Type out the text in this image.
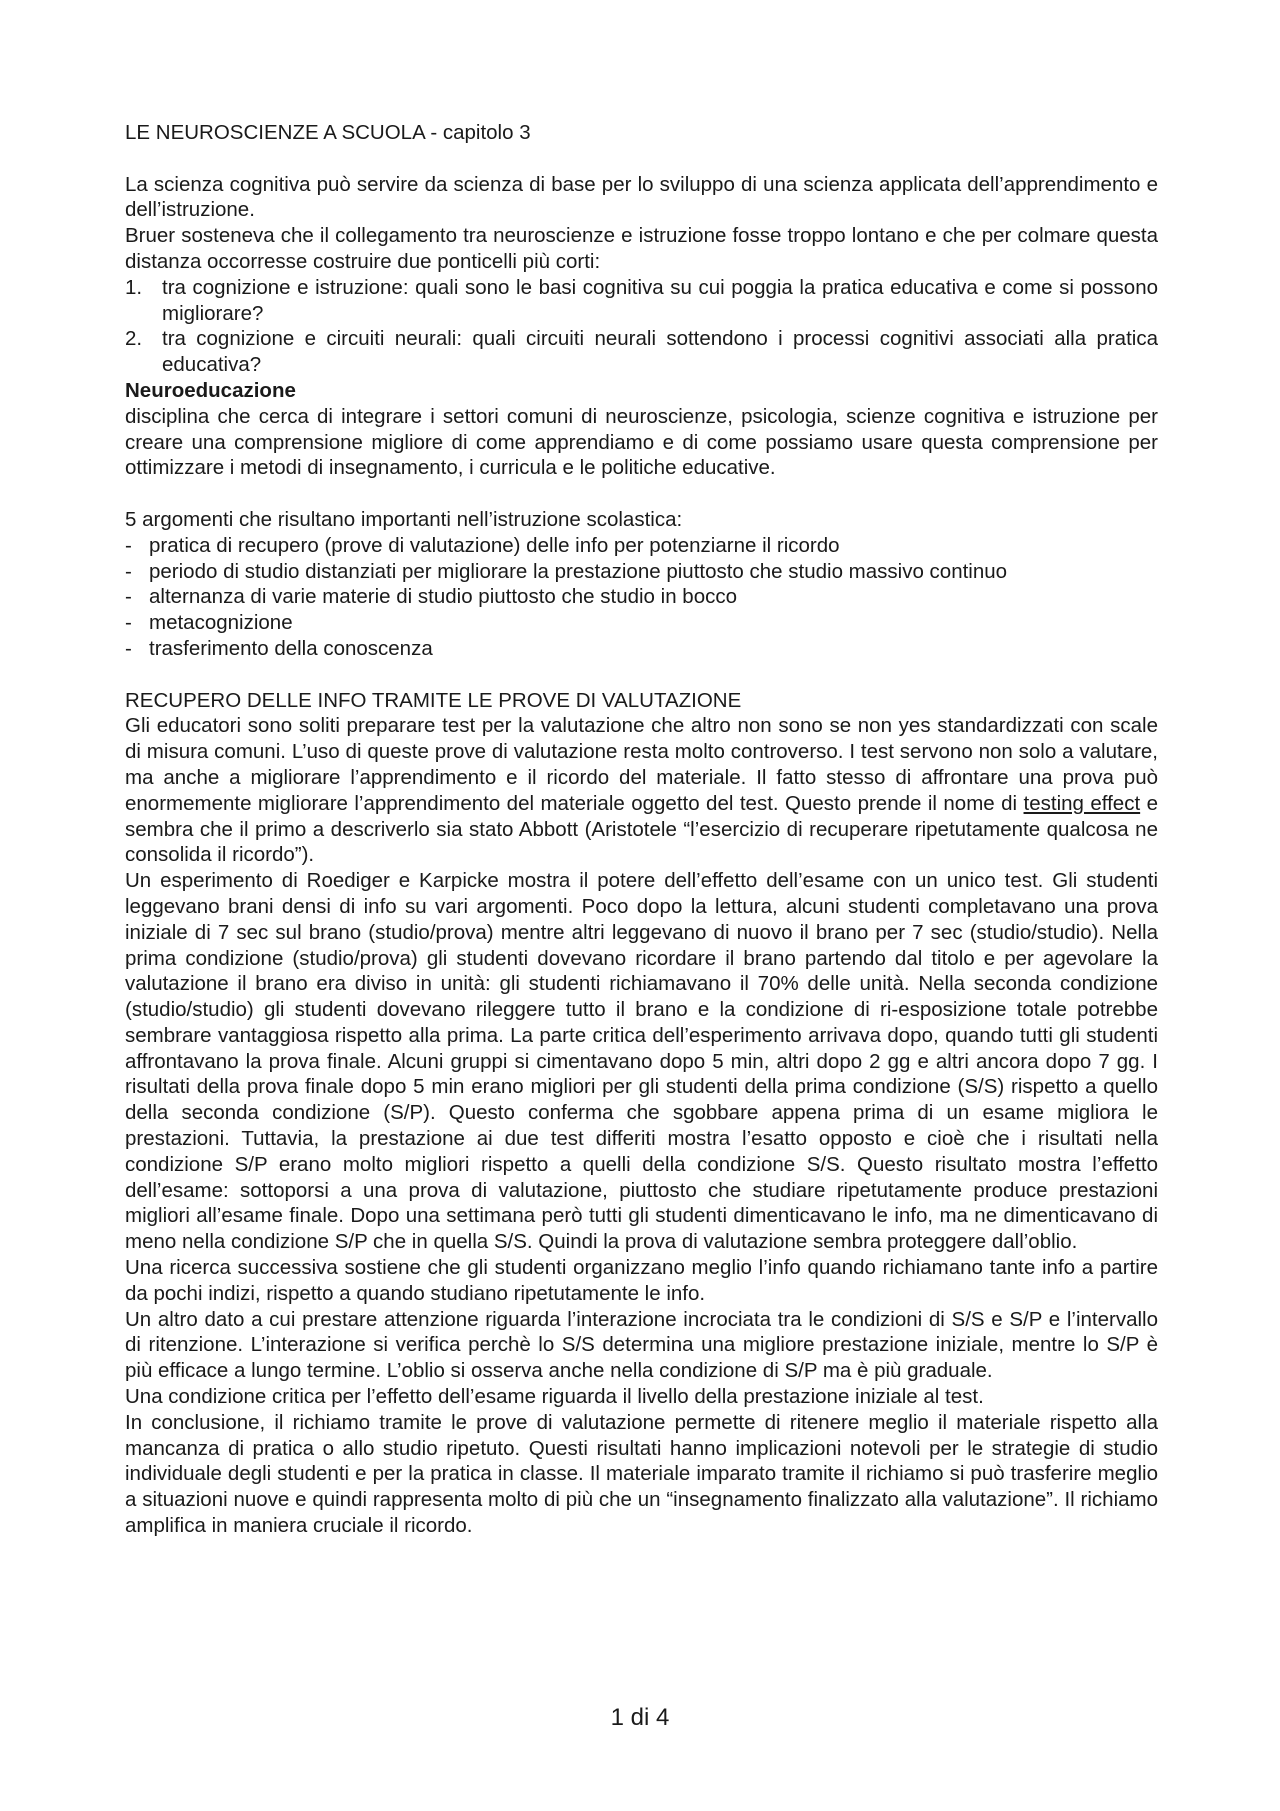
LE NEUROSCIENZE A SCUOLA - capitolo 3
La scienza cognitiva può servire da scienza di base per lo sviluppo di una scienza applicata dell’apprendimento e dell’istruzione.
Bruer sosteneva che il collegamento tra neuroscienze e istruzione fosse troppo lontano e che per colmare questa distanza occorresse costruire due ponticelli più corti:
1. tra cognizione e istruzione: quali sono le basi cognitiva su cui poggia la pratica educativa e come si possono migliorare?
2. tra cognizione e circuiti neurali: quali circuiti neurali sottendono i processi cognitivi associati alla pratica educativa?
Neuroeducazione
disciplina che cerca di integrare i settori comuni di neuroscienze, psicologia, scienze cognitiva e istruzione per creare una comprensione migliore di come apprendiamo e di come possiamo usare questa comprensione per ottimizzare i metodi di insegnamento, i curricula e le politiche educative.
5 argomenti che risultano importanti nell’istruzione scolastica:
- pratica di recupero (prove di valutazione) delle info per potenziarne il ricordo
- periodo di studio distanziati per migliorare la prestazione piuttosto che studio massivo continuo
- alternanza di varie materie di studio piuttosto che studio in bocco
- metacognizione
- trasferimento della conoscenza
RECUPERO DELLE INFO TRAMITE LE PROVE DI VALUTAZIONE
Gli educatori sono soliti preparare test per la valutazione che altro non sono se non yes standardizzati con scale di misura comuni. L’uso di queste prove di valutazione resta molto controverso. I test servono non solo a valutare, ma anche a migliorare l’apprendimento e il ricordo del materiale. Il fatto stesso di affrontare una prova può enormemente migliorare l’apprendimento del materiale oggetto del test. Questo prende il nome di testing effect e sembra che il primo a descriverlo sia stato Abbott (Aristotele “l’esercizio di recuperare ripetutamente qualcosa ne consolida il ricordo”).
Un esperimento di Roediger e Karpicke mostra il potere dell’effetto dell’esame con un unico test. Gli studenti leggevano brani densi di info su vari argomenti. Poco dopo la lettura, alcuni studenti completavano una prova iniziale di 7 sec sul brano (studio/prova) mentre altri leggevano di nuovo il brano per 7 sec (studio/studio). Nella prima condizione (studio/prova) gli studenti dovevano ricordare il brano partendo dal titolo e per agevolare la valutazione il brano era diviso in unità: gli studenti richiamavano il 70% delle unità. Nella seconda condizione (studio/studio) gli studenti dovevano rileggere tutto il brano e la condizione di ri-esposizione totale potrebbe sembrare vantaggiosa rispetto alla prima. La parte critica dell’esperimento arrivava dopo, quando tutti gli studenti affrontavano la prova finale. Alcuni gruppi si cimentavano dopo 5 min, altri dopo 2 gg e altri ancora dopo 7 gg. I risultati della prova finale dopo 5 min erano migliori per gli studenti della prima condizione (S/S) rispetto a quello della seconda condizione (S/P). Questo conferma che sgobbare appena prima di un esame migliora le prestazioni. Tuttavia, la prestazione ai due test differiti mostra l’esatto opposto e cioè che i risultati nella condizione S/P erano molto migliori rispetto a quelli della condizione S/S. Questo risultato mostra l’effetto dell’esame: sottoporsi a una prova di valutazione, piuttosto che studiare ripetutamente produce prestazioni migliori all’esame finale. Dopo una settimana però tutti gli studenti dimenticavano le info, ma ne dimenticavano di meno nella condizione S/P che in quella S/S. Quindi la prova di valutazione sembra proteggere dall’oblio.
Una ricerca successiva sostiene che gli studenti organizzano meglio l’info quando richiamano tante info a partire da pochi indizi, rispetto a quando studiano ripetutamente le info.
Un altro dato a cui prestare attenzione riguarda l’interazione incrociata tra le condizioni di S/S e S/P e l’intervallo di ritenzione. L’interazione si verifica perchè lo S/S determina una migliore prestazione iniziale, mentre lo S/P è più efficace a lungo termine. L’oblio si osserva anche nella condizione di S/P ma è più graduale.
Una condizione critica per l’effetto dell’esame riguarda il livello della prestazione iniziale al test.
In conclusione, il richiamo tramite le prove di valutazione permette di ritenere meglio il materiale rispetto alla mancanza di pratica o allo studio ripetuto. Questi risultati hanno implicazioni notevoli per le strategie di studio individuale degli studenti e per la pratica in classe. Il materiale imparato tramite il richiamo si può trasferire meglio a situazioni nuove e quindi rappresenta molto di più che un “insegnamento finalizzato alla valutazione”. Il richiamo amplifica in maniera cruciale il ricordo.
1 di 4
